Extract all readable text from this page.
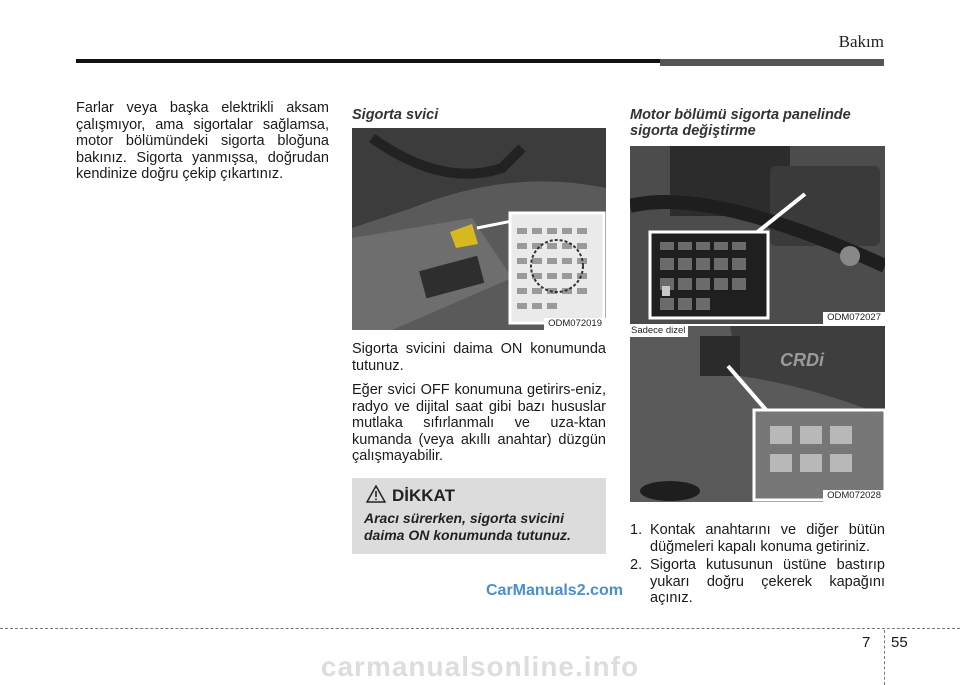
Bakım

Farlar veya başka elektrikli aksam çalışmıyor, ama sigortalar sağlamsa, motor bölümündeki sigorta bloğuna bakınız. Sigorta yanmışsa, doğrudan kendinize doğru çekip çıkartınız.

Sigorta svici

ODM072019

Sigorta svicini daima ON konumunda tutunuz.

Eğer svici OFF konumuna getirirs-eniz, radyo ve dijital saat gibi bazı hususlar mutlaka sıfırlanmalı ve uza-ktan kumanda (veya akıllı anahtar) düzgün çalışmayabilir.

DİKKAT
Aracı sürerken, sigorta svicini daima ON konumunda tutunuz.

Motor bölümü sigorta panelinde sigorta değiştirme

ODM072027
CRDi
ODM072028
Sadece dizel
1. Kontak anahtarını ve diğer bütün düğmeleri kapalı konuma getiriniz.
2. Sigorta kutusunun üstüne bastırıp yukarı doğru çekerek kapağını açınız.
CarManuals2.com
7 55
carmanualsonline.info
